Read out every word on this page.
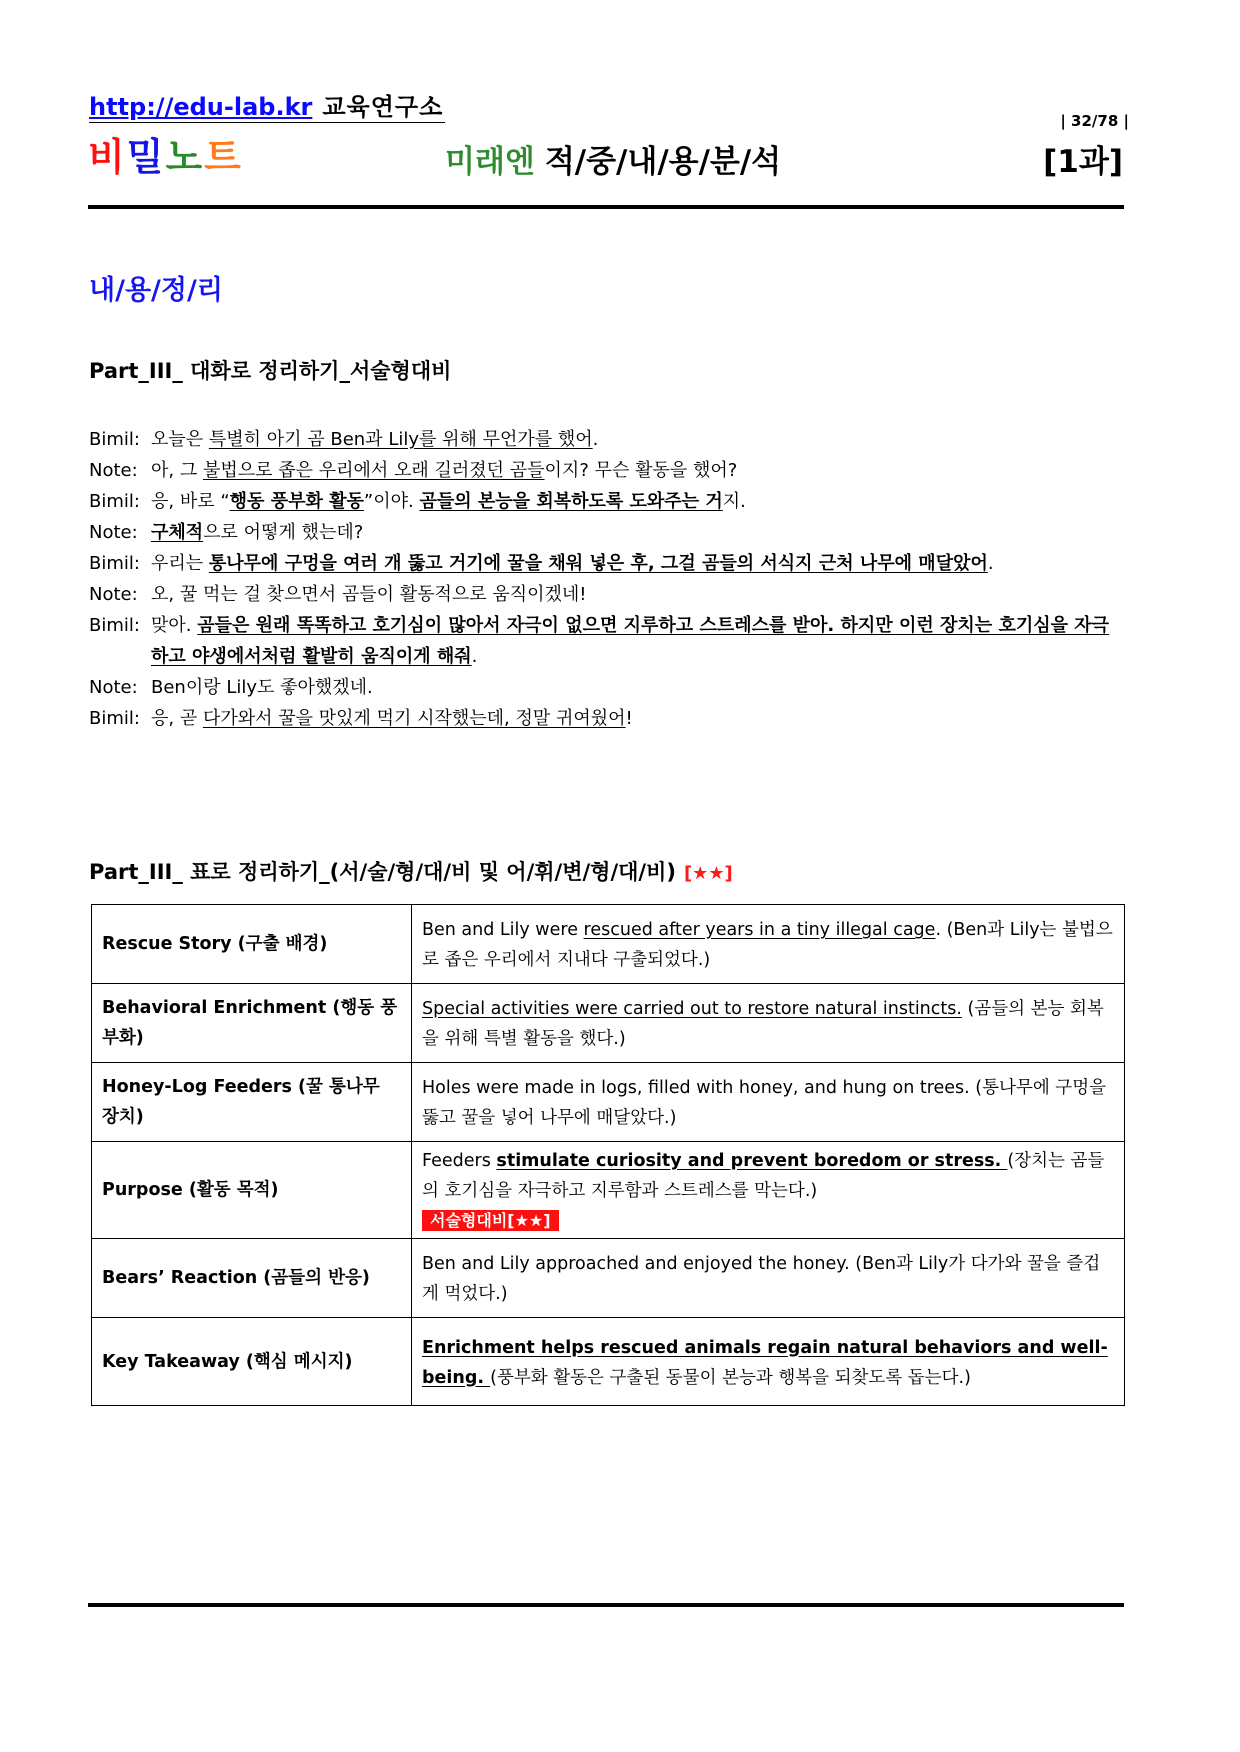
http://edu-lab.kr 교육연구소	| 32/78 |
비밀노트	미래엔 적/중/내/용/분/석	[1과]
내/용/정/리
Part_III_ 대화로 정리하기_서술형대비
Bimil: 오늘은 특별히 아기 곰 Ben과 Lily를 위해 무언가를 했어.
Note: 아, 그 불법으로 좁은 우리에서 오래 길러졌던 곰들이지? 무슨 활동을 했어?
Bimil: 응, 바로 “행동 풍부화 활동”이야. 곰들의 본능을 회복하도록 도와주는 거지.
Note: 구체적으로 어떻게 했는데?
Bimil: 우리는 통나무에 구멍을 여러 개 뚫고 거기에 꿀을 채워 넣은 후, 그걸 곰들의 서식지 근처 나무에 매달았어.
Note: 오, 꿀 먹는 걸 찾으면서 곰들이 활동적으로 움직이겠네!
Bimil: 맞아. 곰들은 원래 똑똑하고 호기심이 많아서 자극이 없으면 지루하고 스트레스를 받아. 하지만 이런 장치는 호기심을 자극하고 야생에서처럼 활발히 움직이게 해줘.
Note: Ben이랑 Lily도 좋아했겠네.
Bimil: 응, 곧 다가와서 꿀을 맛있게 먹기 시작했는데, 정말 귀여웠어!
Part_III_ 표로 정리하기_(서/술/형/대/비 및 어/휘/변/형/대/비) [★★]
Rescue Story (구출 배경)	Ben and Lily were rescued after years in a tiny illegal cage. (Ben과 Lily는 불법으로 좁은 우리에서 지내다 구출되었다.)
Behavioral Enrichment (행동 풍부화)	Special activities were carried out to restore natural instincts. (곰들의 본능 회복을 위해 특별 활동을 했다.)
Honey-Log Feeders (꿀 통나무 장치)	Holes were made in logs, filled with honey, and hung on trees. (통나무에 구멍을 뚫고 꿀을 넣어 나무에 매달았다.)
Purpose (활동 목적)	Feeders stimulate curiosity and prevent boredom or stress. (장치는 곰들의 호기심을 자극하고 지루함과 스트레스를 막는다.)
서술형대비[★★]
Bears’ Reaction (곰들의 반응)	Ben and Lily approached and enjoyed the honey. (Ben과 Lily가 다가와 꿀을 즐겁게 먹었다.)
Key Takeaway (핵심 메시지)	Enrichment helps rescued animals regain natural behaviors and well-being. (풍부화 활동은 구출된 동물이 본능과 행복을 되찾도록 돕는다.)
